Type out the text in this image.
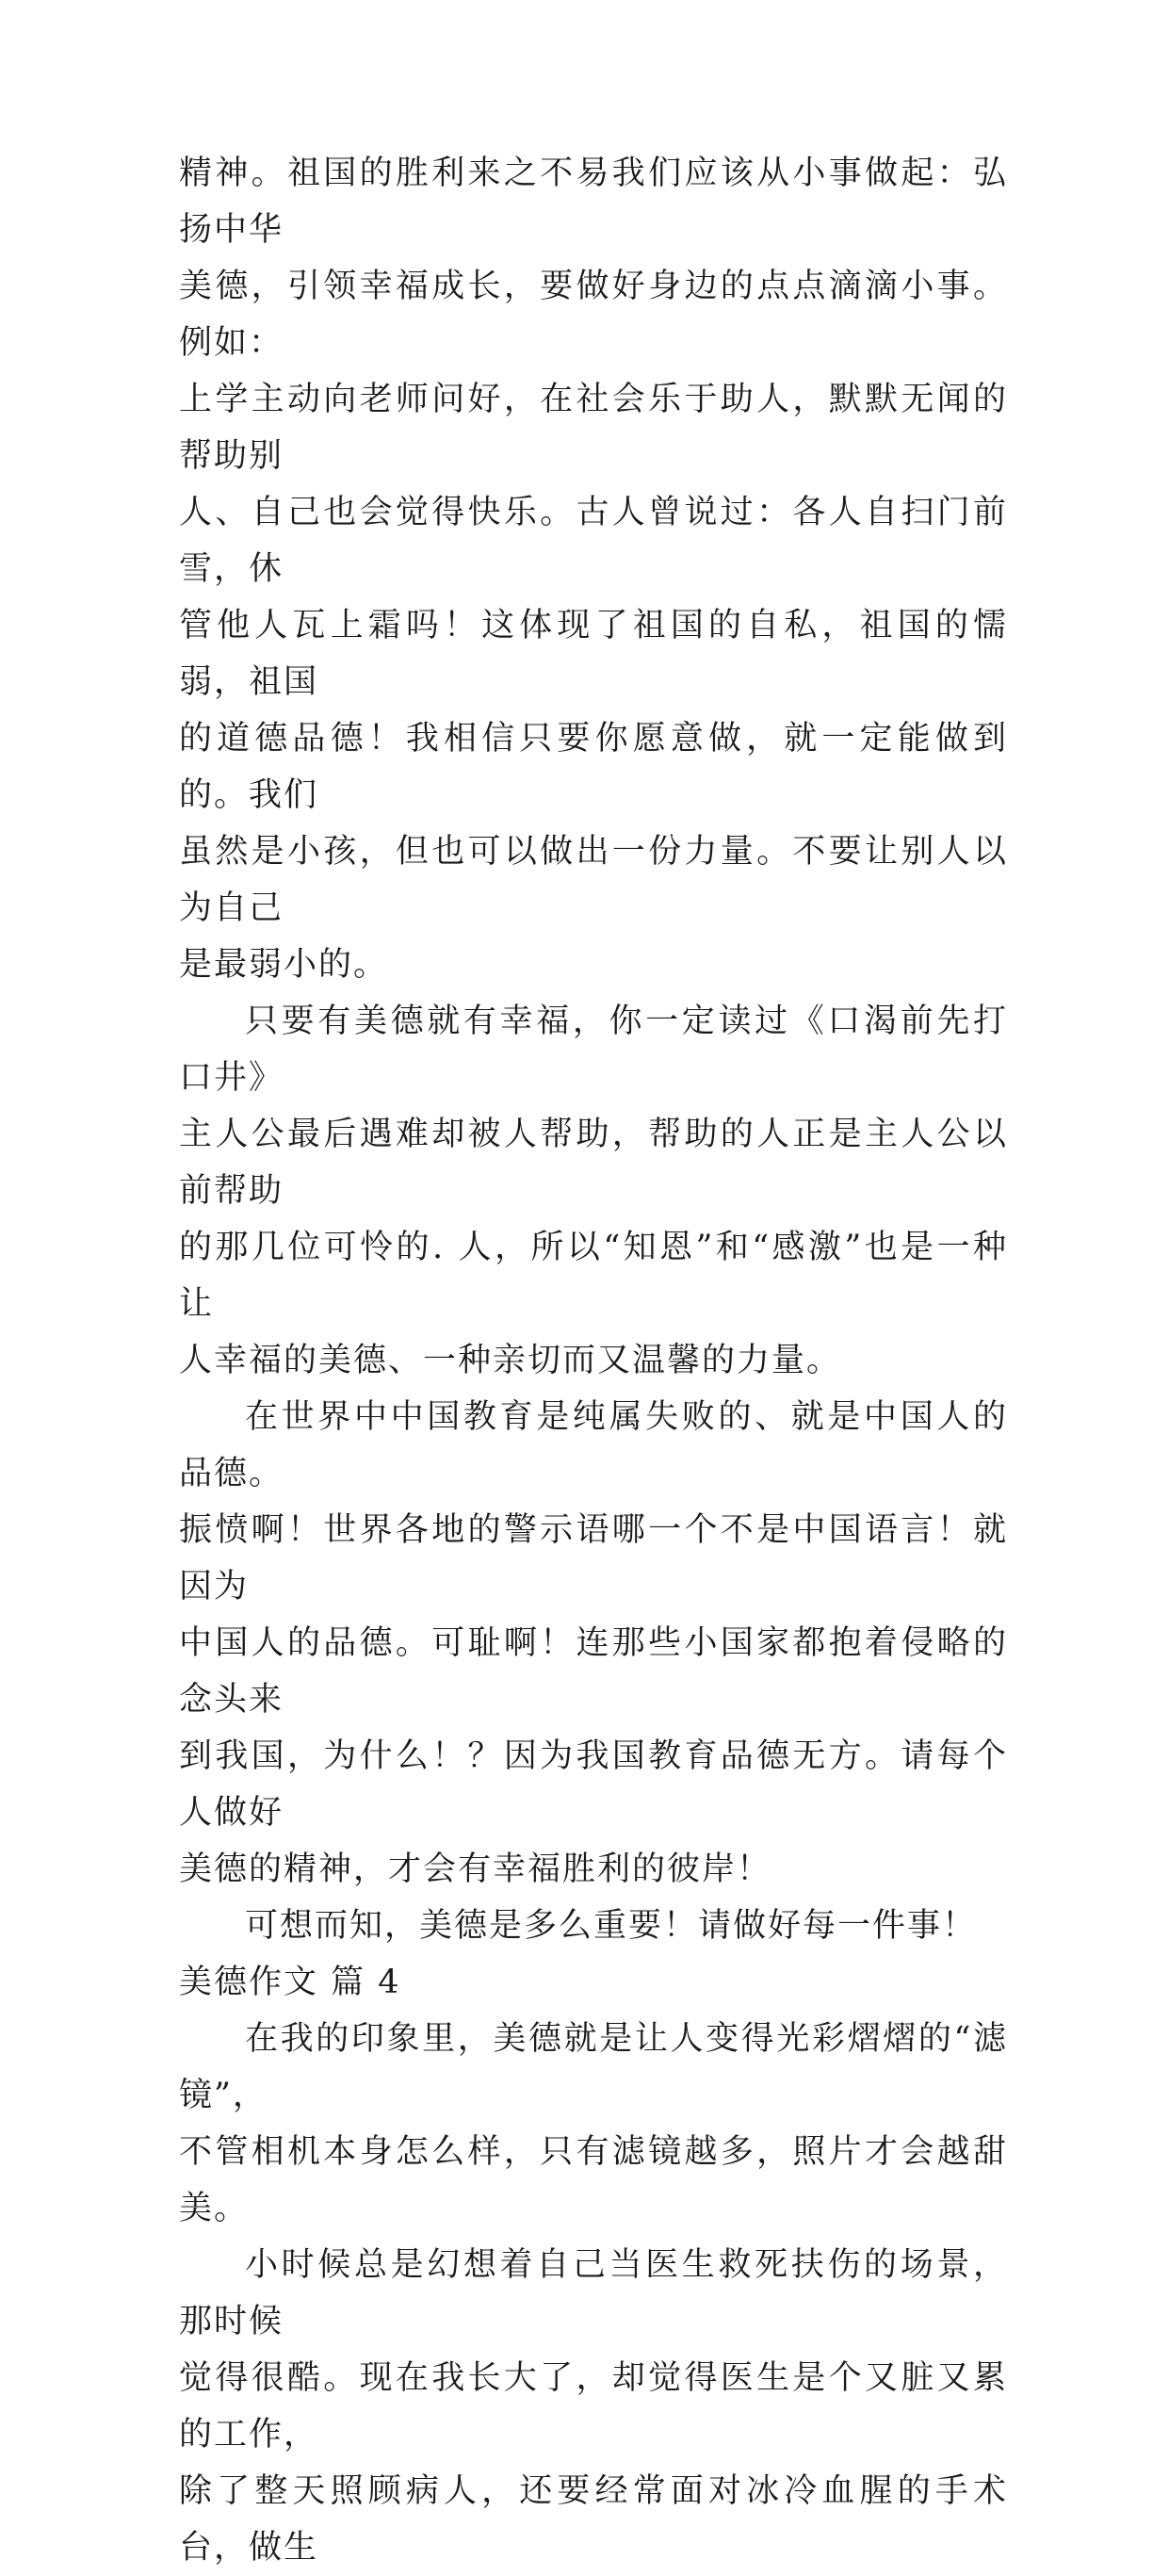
精神。祖国的胜利来之不易我们应该从小事做起：弘扬中华
美德，引领幸福成长，要做好身边的点点滴滴小事。例如：
上学主动向老师问好，在社会乐于助人，默默无闻的帮助别
人、自己也会觉得快乐。古人曾说过：各人自扫门前雪，休
管他人瓦上霜吗！这体现了祖国的自私，祖国的懦弱，祖国
的道德品德！我相信只要你愿意做，就一定能做到的。我们
虽然是小孩，但也可以做出一份力量。不要让别人以为自己
是最弱小的。
只要有美德就有幸福，你一定读过《口渴前先打口井》
主人公最后遇难却被人帮助，帮助的人正是主人公以前帮助
的那几位可怜的. 人，所以“知恩”和“感激”也是一种让
人幸福的美德、一种亲切而又温馨的力量。
在世界中中国教育是纯属失败的、就是中国人的品德。
振愤啊！世界各地的警示语哪一个不是中国语言！就因为
中国人的品德。可耻啊！连那些小国家都抱着侵略的念头来
到我国，为什么！？因为我国教育品德无方。请每个人做好
美德的精神，才会有幸福胜利的彼岸！
可想而知，美德是多么重要！请做好每一件事！
美德作文 篇 4
在我的印象里，美德就是让人变得光彩熠熠的“滤镜”，
不管相机本身怎么样，只有滤镜越多，照片才会越甜美。
小时候总是幻想着自己当医生救死扶伤的场景，那时候
觉得很酷。现在我长大了，却觉得医生是个又脏又累的工作，
除了整天照顾病人，还要经常面对冰冷血腥的手术台，做生
